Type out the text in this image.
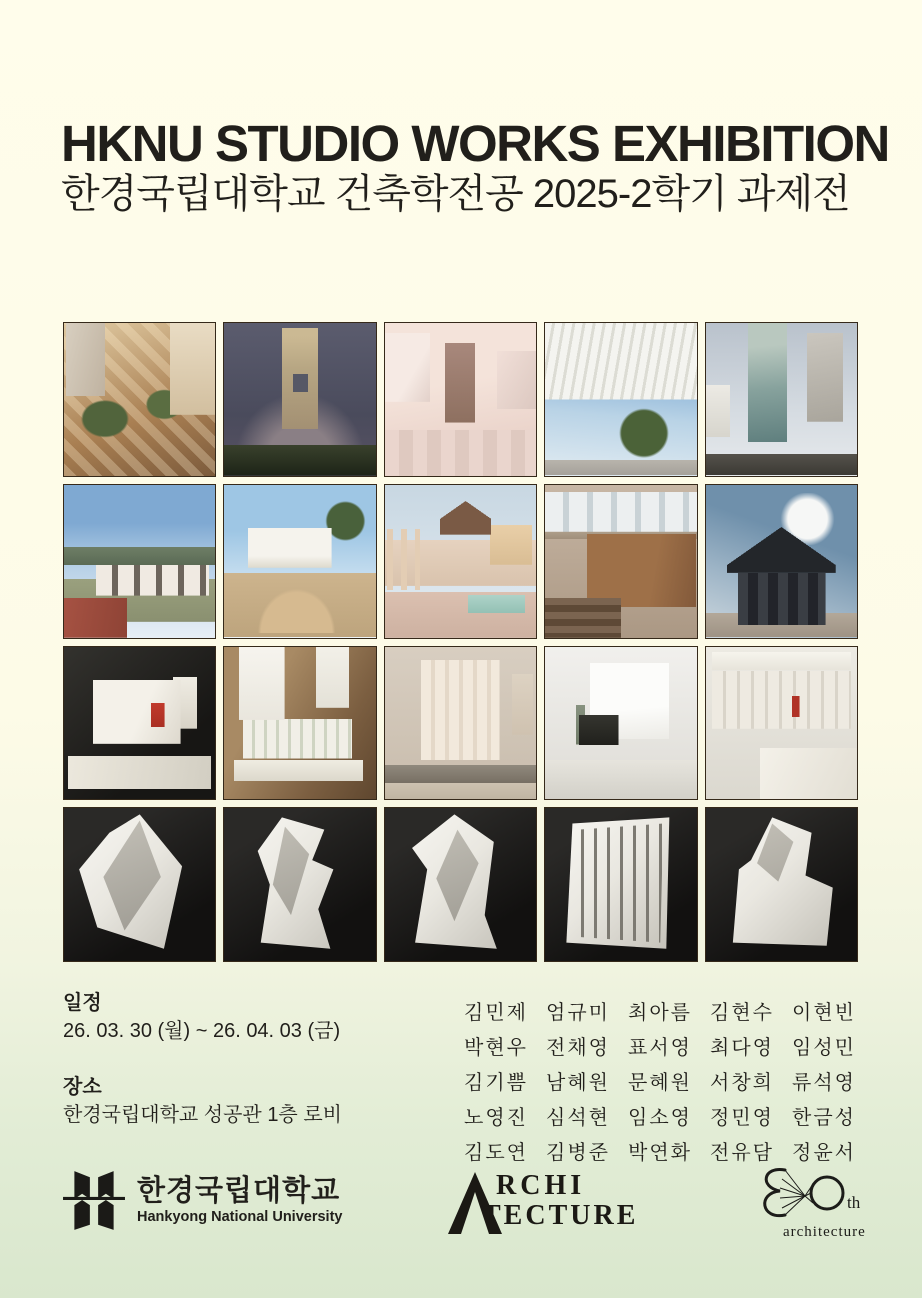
HKNU STUDIO WORKS EXHIBITION
한경국립대학교 건축학전공 2025-2학기 과제전

일정

26. 03. 30 (월) ~ 26. 04. 03 (금)

장소

한경국립대학교 성공관 1층 로비

김민제 엄규미 최아름 김현수 이현빈
박현우 전채영 표서영 최다영 임성민
김기쁨 남혜원 문혜원 서창희 류석영
노영진 심석현 임소영 정민영 한금성
김도연 김병준 박연화 전유담 정윤서
한경국립대학교
Hankyong National University
RCHI
TECTURE	th
architecture
